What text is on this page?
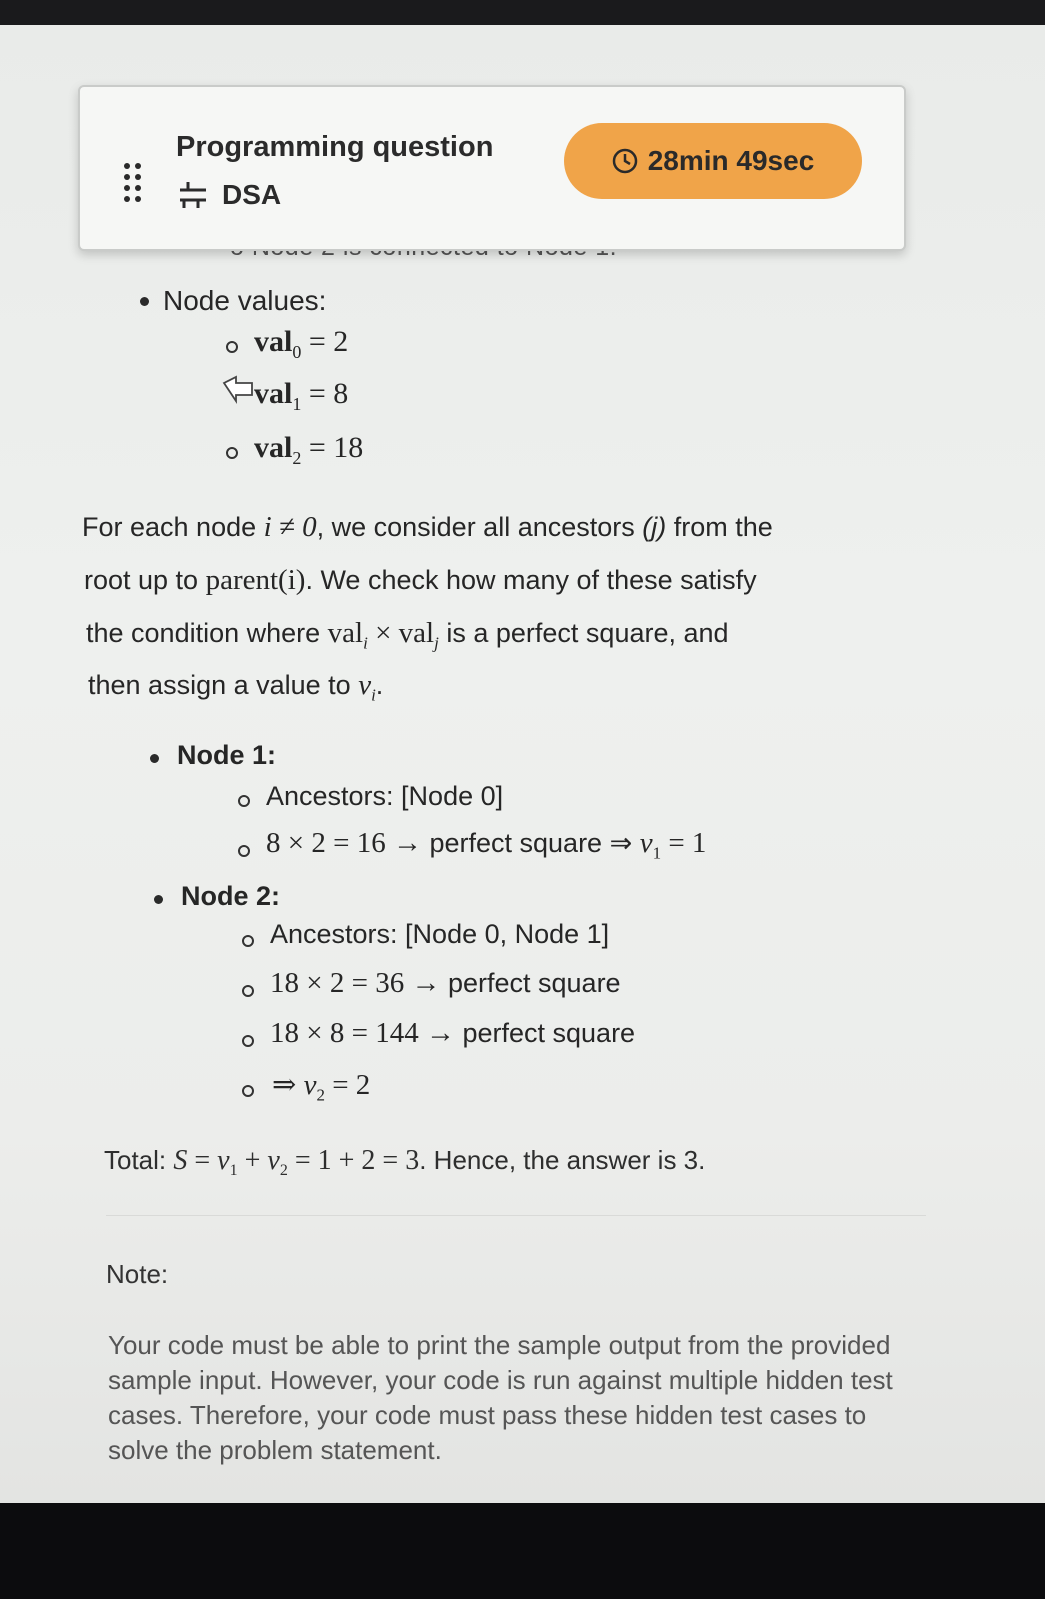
Programming question
DSA
28min 49sec
Node values:
val$_0$ = 2
val$_1$ = 8
val$_2$ = 18
For each node i ≠ 0, we consider all ancestors (j) from the
root up to parent(i). We check how many of these satisfy
the condition where val$_i$ × val$_j$ is a perfect square, and
then assign a value to $v_i$.
Node 1:
Ancestors: [Node 0]
8 × 2 = 16 → perfect square ⇒ $v_1 = 1$
Node 2:
Ancestors: [Node 0, Node 1]
18 × 2 = 36 → perfect square
18 × 8 = 144 → perfect square
⇒ $v_2 = 2$
Total: $S = v_1 + v_2 = 1 + 2 = 3$. Hence, the answer is 3.
Note:
Your code must be able to print the sample output from the provided sample input. However, your code is run against multiple hidden test cases. Therefore, your code must pass these hidden test cases to solve the problem statement.
